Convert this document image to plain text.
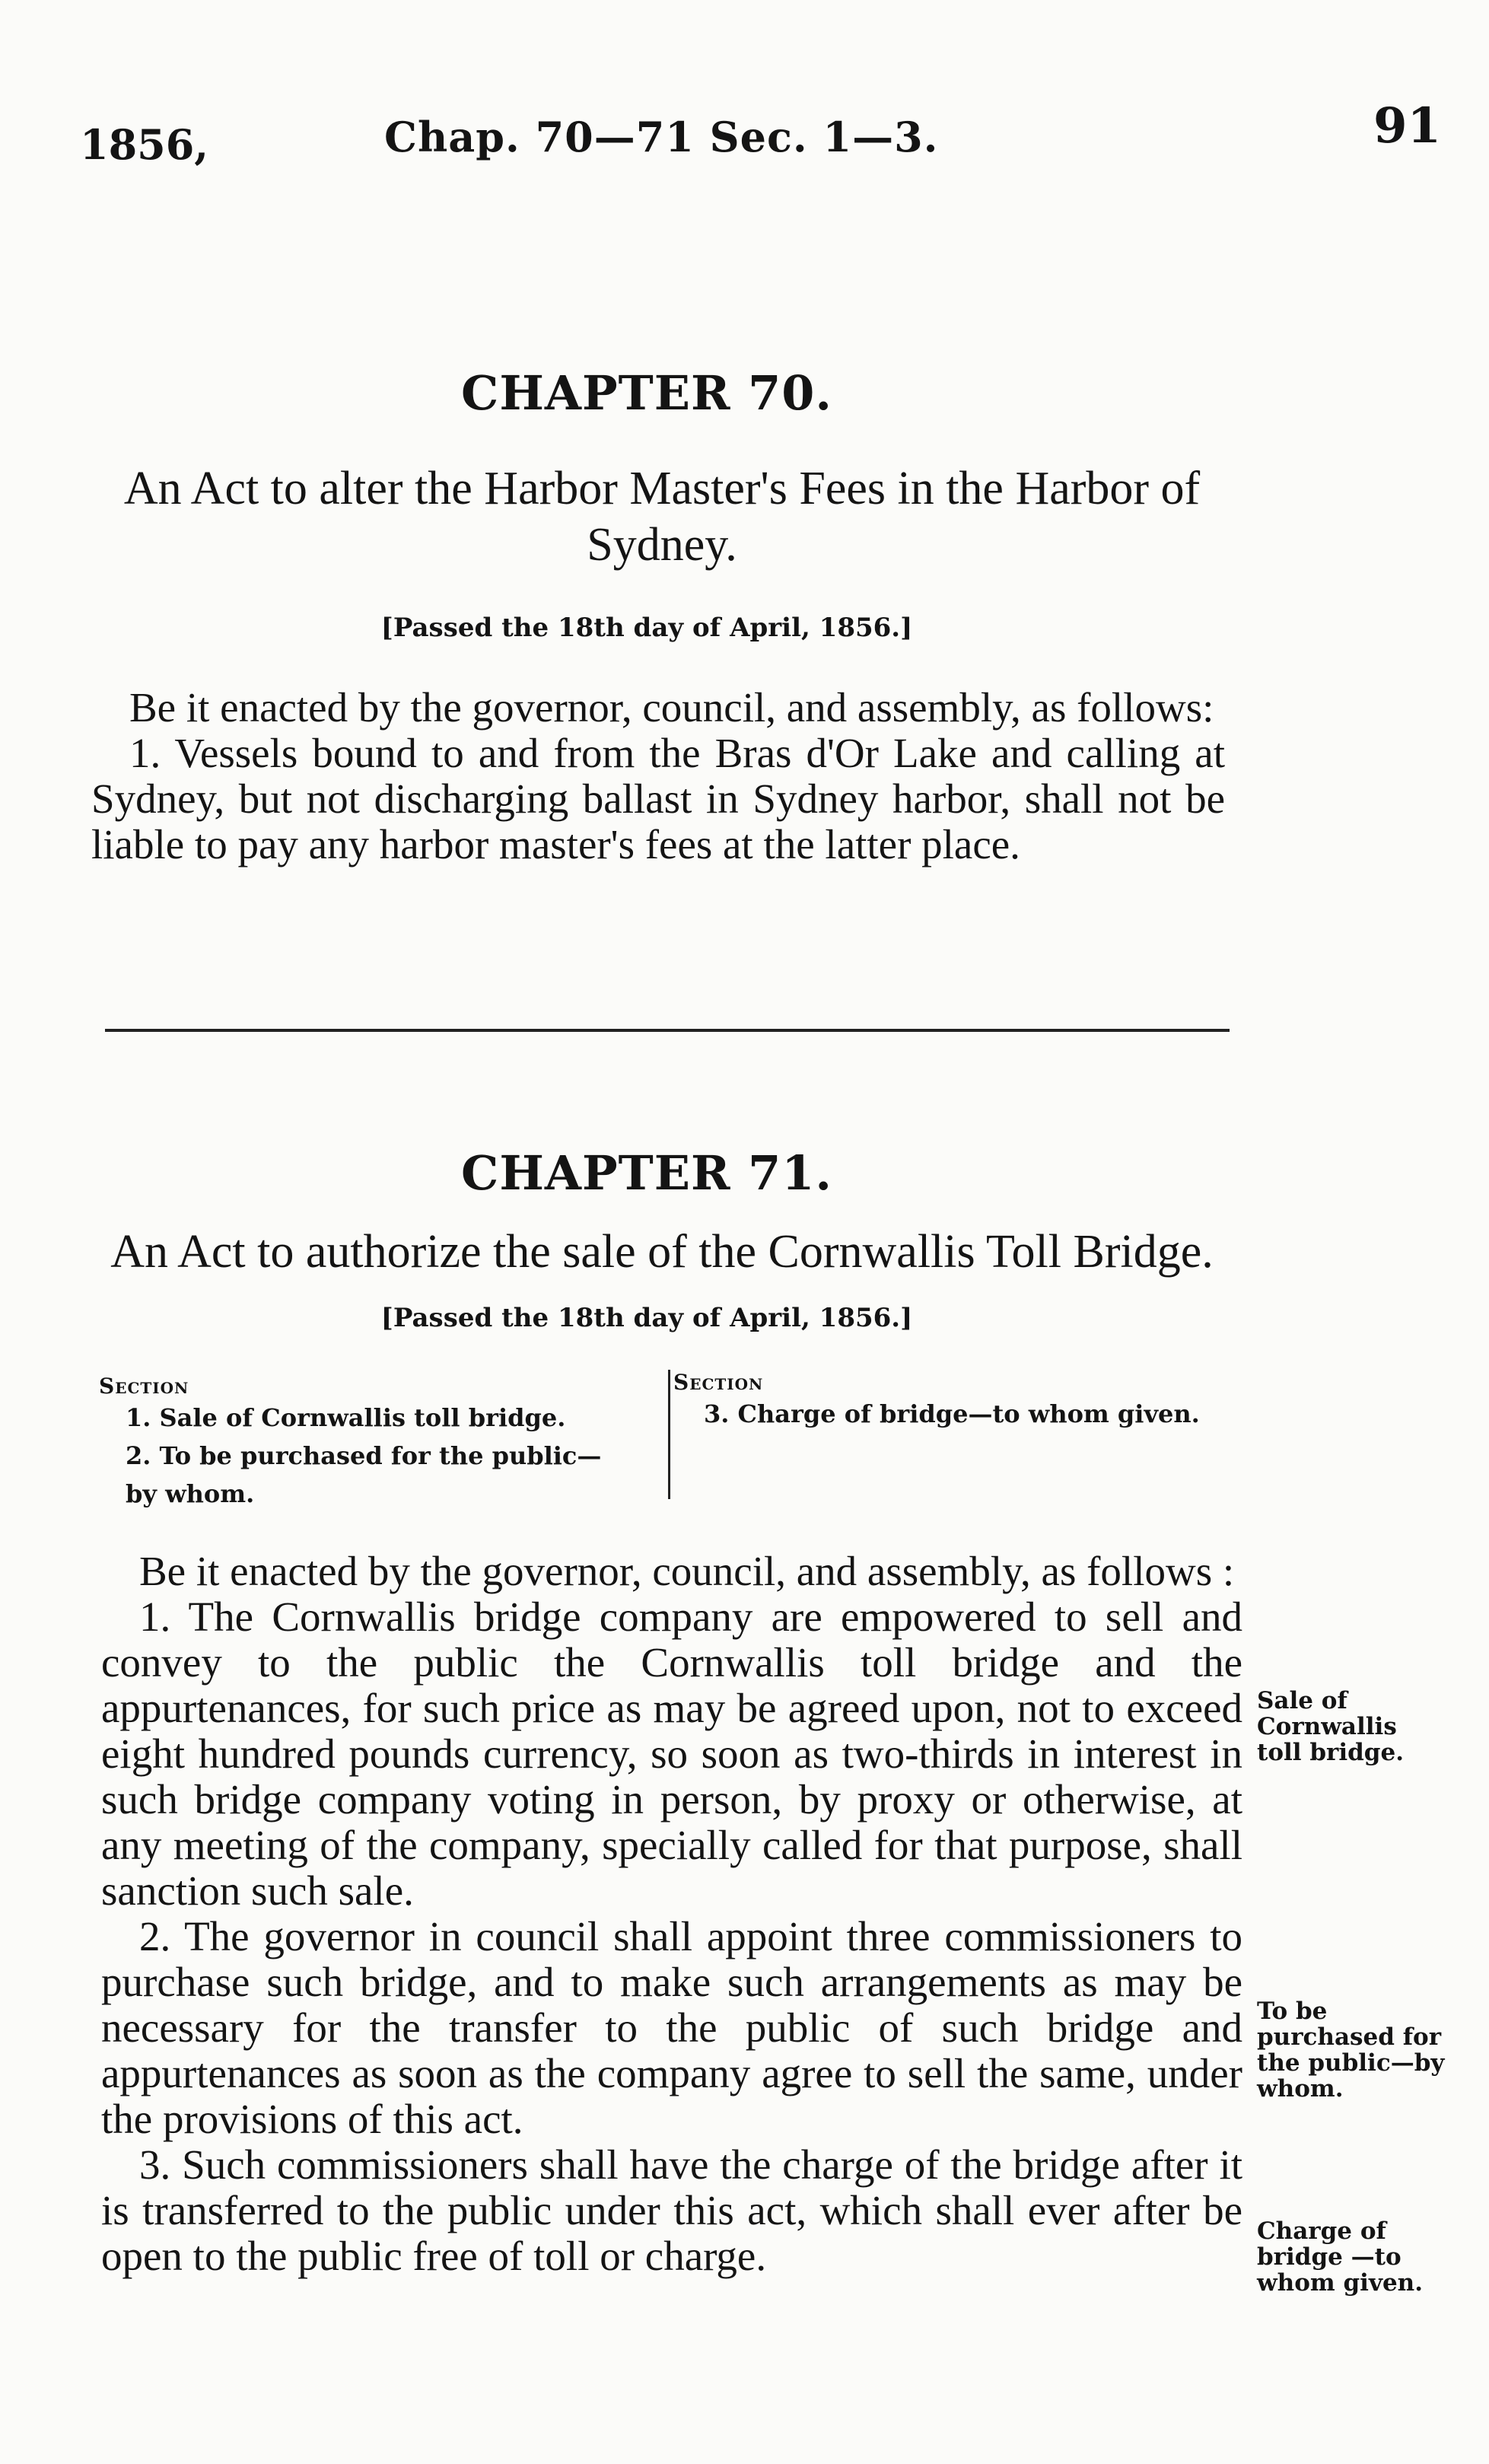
1856,	Chap. 70—71 Sec. 1—3.	91
CHAPTER 70.
An Act to alter the Harbor Master's Fees in the Harbor of
Sydney.
[Passed the 18th day of April, 1856.]

Be it enacted by the governor, council, and assembly, as follows:

1. Vessels bound to and from the Bras d'Or Lake and calling at Sydney, but not discharging ballast in Sydney harbor, shall not be liable to pay any harbor master's fees at the latter place.

CHAPTER 71.
An Act to authorize the sale of the Cornwallis Toll Bridge.
[Passed the 18th day of April, 1856.]
Section
1. Sale of Cornwallis toll bridge.
2. To be purchased for the public—by whom.
Section
3. Charge of bridge—to whom given.

Be it enacted by the governor, council, and assembly, as follows :

1. The Cornwallis bridge company are empowered to sell and convey to the public the Cornwallis toll bridge and the appurtenances, for such price as may be agreed upon, not to exceed eight hundred pounds currency, so soon as two-thirds in interest in such bridge company voting in person, by proxy or otherwise, at any meeting of the company, specially called for that purpose, shall sanction such sale.

2. The governor in council shall appoint three commissioners to purchase such bridge, and to make such arrangements as may be necessary for the transfer to the public of such bridge and appurtenances as soon as the company agree to sell the same, under the provisions of this act.

3. Such commissioners shall have the charge of the bridge after it is transferred to the public under this act, which shall ever after be open to the public free of toll or charge.

Sale of Cornwallis toll bridge.
To be purchased for the public—by whom.
Charge of bridge —to whom given.
